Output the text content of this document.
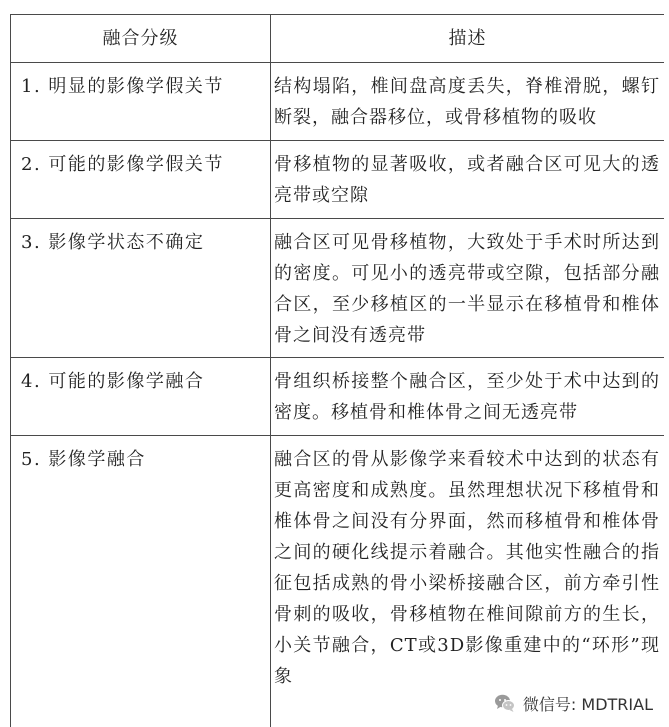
融合分级	描述
1. 明显的影像学假关节	结构塌陷，椎间盘高度丢失，脊椎滑脱，螺钉断裂，融合器移位，或骨移植物的吸收
2. 可能的影像学假关节	骨移植物的显著吸收，或者融合区可见大的透亮带或空隙
3. 影像学状态不确定	融合区可见骨移植物，大致处于手术时所达到的密度。可见小的透亮带或空隙，包括部分融合区，至少移植区的一半显示在移植骨和椎体骨之间没有透亮带
4. 可能的影像学融合	骨组织桥接整个融合区，至少处于术中达到的密度。移植骨和椎体骨之间无透亮带
5. 影像学融合	融合区的骨从影像学来看较术中达到的状态有更高密度和成熟度。虽然理想状况下移植骨和椎体骨之间没有分界面，然而移植骨和椎体骨之间的硬化线提示着融合。其他实性融合的指征包括成熟的骨小梁桥接融合区，前方牵引性骨刺的吸收，骨移植物在椎间隙前方的生长，小关节融合，CT或3D影像重建中的“环形”现象
微信号: MDTRIAL
